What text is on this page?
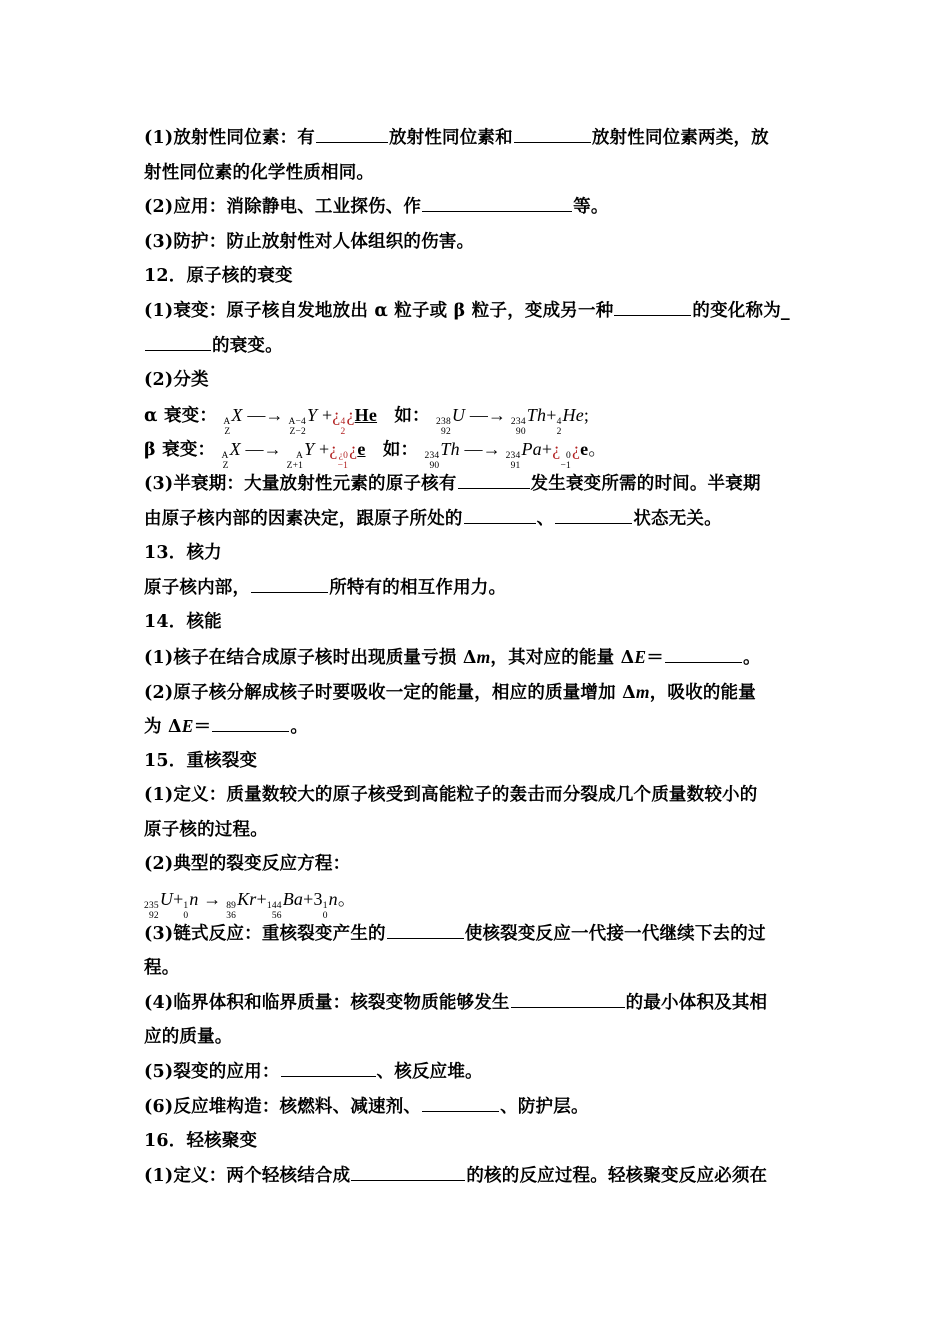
(1)放射性同位素：有	放射性同位素和	放射性同位素两类，放
射性同位素的化学性质相同。
(2)应用：消除静电、工业探伤、作	等。
(3)防护：防止放射性对人体组织的伤害。
12．原子核的衰变
(1)衰变：原子核自发地放出 α 粒子或 β 粒子，变成另一种	的变化称为_
的衰变。
(2)分类
α 衰变： A
Z
X —→ A−4
Z−2
Y +¿ 4
2
¿He 如： 238
92
U —→ 234
90
Th+ 4
2
He;
β 衰变： A
Z
X —→	A
Z+1
Y +¿ ¿0
−1
¿e 如： 234
90
Th —→ 234
91
Pa+¿ 0
−1
¿e。
(3)半衰期：大量放射性元素的原子核有	发生衰变所需的时间。半衰期
由原子核内部的因素决定，跟原子所处的	、	状态无关。
13．核力
原子核内部，	所特有的相互作用力。
14．核能
(1)核子在结合成原子核时出现质量亏损 Δm，其对应的能量 ΔE＝	。
(2)原子核分解成核子时要吸收一定的能量，相应的质量增加 Δm，吸收的能量
为 ΔE＝	。
15．重核裂变
(1)定义：质量数较大的原子核受到高能粒子的轰击而分裂成几个质量数较小的
原子核的过程。
(2)典型的裂变反应方程：
235
92
U+ 1
0
n → 89
36
Kr+ 144
56
Ba+3 1
0
n。
(3)链式反应：重核裂变产生的	使核裂变反应一代接一代继续下去的过
程。
(4)临界体积和临界质量：核裂变物质能够发生	的最小体积及其相
应的质量。
(5)裂变的应用：	、核反应堆。
(6)反应堆构造：核燃料、减速剂、	、防护层。
16．轻核聚变
(1)定义：两个轻核结合成	的核的反应过程。轻核聚变反应必须在
